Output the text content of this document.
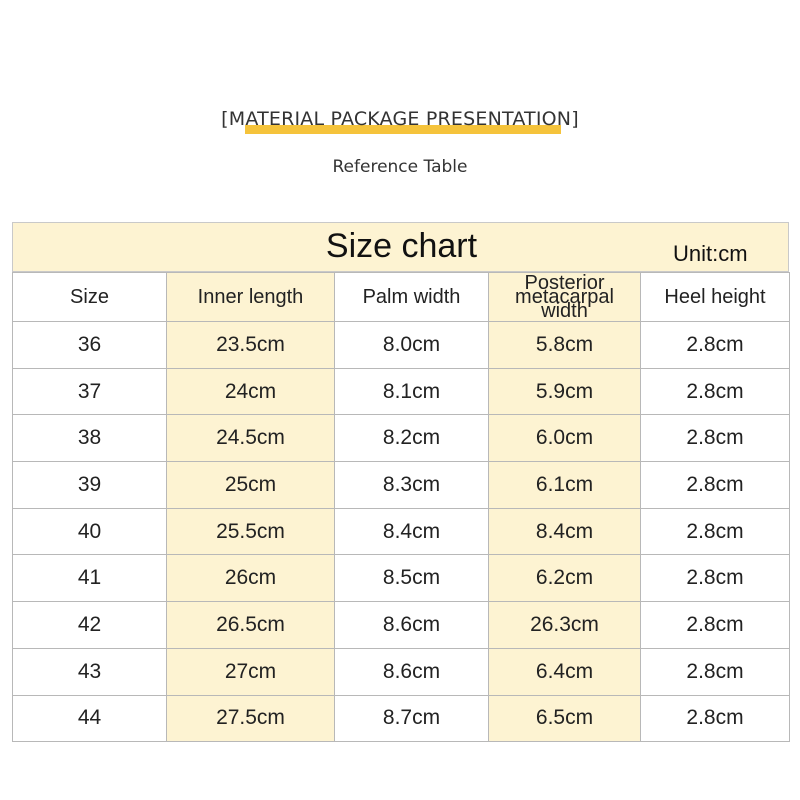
[MATERIAL PACKAGE PRESENTATION]
Reference Table
Size chart	Unit:cm
Size	Inner length	Palm width	Posterior metacarpal width	Heel height
36	23.5cm	8.0cm	5.8cm	2.8cm
37	24cm	8.1cm	5.9cm	2.8cm
38	24.5cm	8.2cm	6.0cm	2.8cm
39	25cm	8.3cm	6.1cm	2.8cm
40	25.5cm	8.4cm	8.4cm	2.8cm
41	26cm	8.5cm	6.2cm	2.8cm
42	26.5cm	8.6cm	26.3cm	2.8cm
43	27cm	8.6cm	6.4cm	2.8cm
44	27.5cm	8.7cm	6.5cm	2.8cm
